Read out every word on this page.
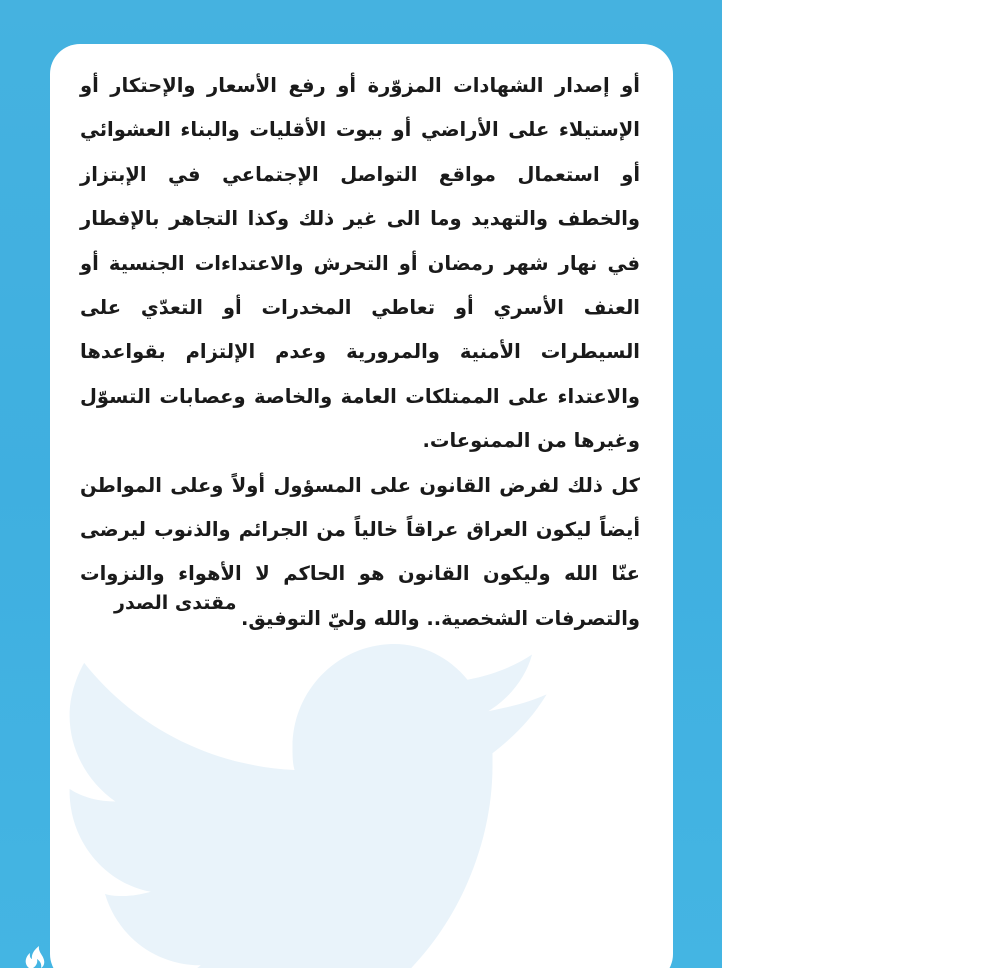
أو إصدار الشهادات المزوّرة أو رفع الأسعار والإحتكار أو الإستيلاء على الأراضي أو بيوت الأقليات والبناء العشوائي أو استعمال مواقع التواصل الإجتماعي في الإبتزاز والخطف والتهديد وما الى غير ذلك وكذا التجاهر بالإفطار في نهار شهر رمضان أو التحرش والاعتداءات الجنسية أو العنف الأسري أو تعاطي المخدرات أو التعدّي على السيطرات الأمنية والمرورية وعدم الإلتزام بقواعدها والاعتداء على الممتلكات العامة والخاصة وعصابات التسوّل وغيرها من الممنوعات.

كل ذلك لفرض القانون على المسؤول أولاً وعلى المواطن أيضاً ليكون العراق عراقاً خالياً من الجرائم والذنوب ليرضى عنّا الله وليكون القانون هو الحاكم لا الأهواء والنزوات والتصرفات الشخصية.. والله وليّ التوفيق.

مقتدى الصدر
